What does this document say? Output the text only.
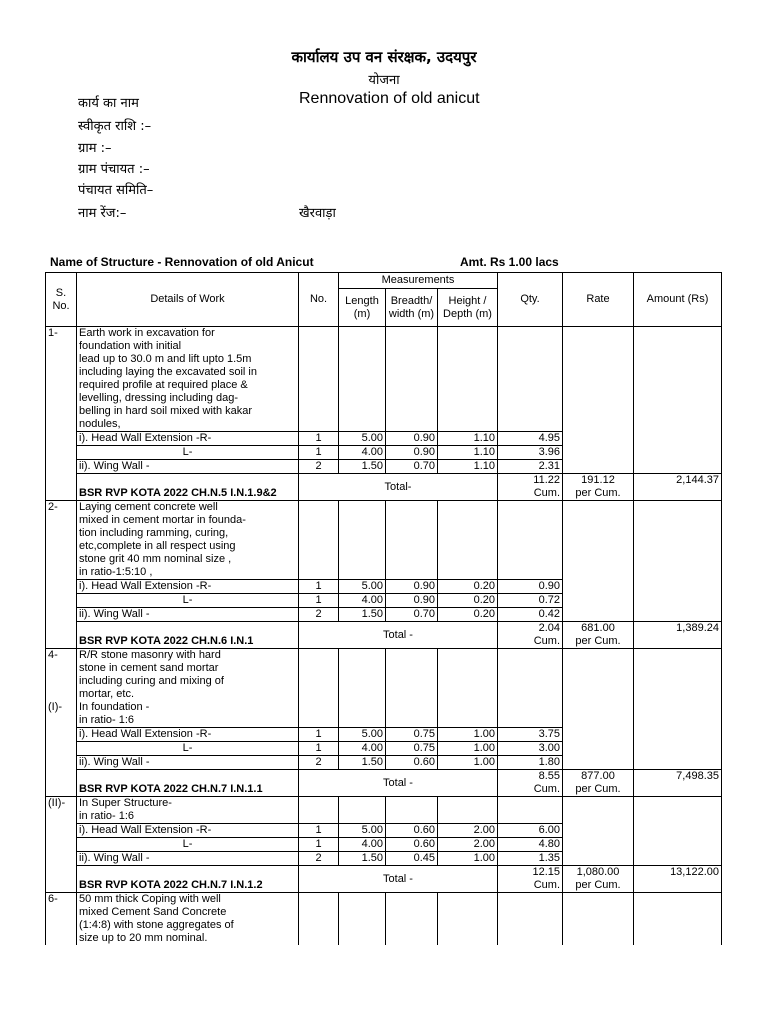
कार्यालय उप वन संरक्षक, उदयपुर
योजना
कार्य का नाम	Rennovation of old anicut
स्वीकृत राशि :–
ग्राम :–
ग्राम पंचायत :–
पंचायत समिति–
नाम रेंज:–	खैरवाड़ा
Name of Structure - Rennovation of old Anicut	Amt. Rs 1.00 lacs
S. No.	Details of Work	No.	Measurements			Qty.	Rate	Amount (Rs)
			Length (m)	Breadth/ width (m)	Height / Depth (m)			
1-	Earth work in excavation for							
	foundation with initial							
	lead up to 30.0 m and lift upto 1.5m							
	including laying the excavated soil in							
	required profile at required place &							
	levelling, dressing including dag-							
	belling in hard soil mixed with kakar							
	nodules,							
	i). Head Wall Extension -R-	1	5.00	0.90	1.10	4.95		
	L-	1	4.00	0.90	1.10	3.96		
	ii). Wing Wall -	2	1.50	0.70	1.10	2.31		
	BSR RVP KOTA 2022 CH.N.5 I.N.1.9&2	Total-				11.22	191.12	2,144.37
						Cum.	per Cum.	
2-	Laying cement concrete well							
	mixed in cement mortar in founda-							
	tion including ramming, curing,							
	etc,complete in all respect using							
	stone grit 40 mm nominal size ,							
	in ratio-1:5:10 ,							
	i). Head Wall Extension -R-	1	5.00	0.90	0.20	0.90		
	L-	1	4.00	0.90	0.20	0.72		
	ii). Wing Wall -	2	1.50	0.70	0.20	0.42		
	BSR RVP KOTA 2022 CH.N.6 I.N.1	Total -				2.04	681.00	1,389.24
						Cum.	per Cum.	
4-	R/R stone masonry with hard							
	stone in cement sand mortar							
	including curing and mixing of							
	mortar, etc.							
(I)-	In foundation -							
	in ratio- 1:6							
	i). Head Wall Extension -R-	1	5.00	0.75	1.00	3.75		
	L-	1	4.00	0.75	1.00	3.00		
	ii). Wing Wall -	2	1.50	0.60	1.00	1.80		
	BSR RVP KOTA 2022 CH.N.7 I.N.1.1	Total -				8.55	877.00	7,498.35
						Cum.	per Cum.	
(II)-	In Super Structure-							
	in ratio- 1:6							
	i). Head Wall Extension -R-	1	5.00	0.60	2.00	6.00		
	L-	1	4.00	0.60	2.00	4.80		
	ii). Wing Wall -	2	1.50	0.45	1.00	1.35		
	BSR RVP KOTA 2022 CH.N.7 I.N.1.2	Total -				12.15	1,080.00	13,122.00
						Cum.	per Cum.	
6-	50 mm thick Coping with well							
	mixed Cement Sand Concrete							
	(1:4:8) with stone aggregates of							
	size up to 20 mm nominal.							
